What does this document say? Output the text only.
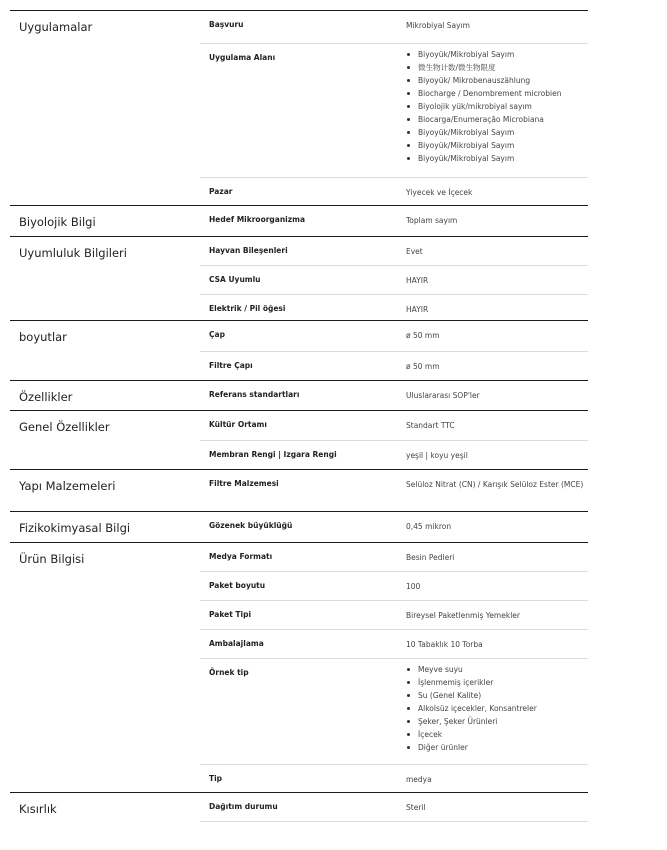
Uygulamalar	Başvuru	Mikrobiyal Sayım
Uygulama Alanı	Biyoyük/Mikrobiyal Sayım
微生物计数/微生物限度
Biyoyük/ Mikrobenauszählung
Biocharge / Denombrement microbien
Biyolojik yük/mikrobiyal sayım
Biocarga/Enumeração Microbiana
Biyoyük/Mikrobiyal Sayım
Biyoyük/Mikrobiyal Sayım
Biyoyük/Mikrobiyal Sayım
Pazar	Yiyecek ve İçecek
Biyolojik Bilgi	Hedef Mikroorganizma	Toplam sayım
Uyumluluk Bilgileri	Hayvan Bileşenleri	Evet
CSA Uyumlu	HAYIR
Elektrik / Pil öğesi	HAYIR
boyutlar	Çap	ø 50 mm
Filtre Çapı	ø 50 mm
Özellikler	Referans standartları	Uluslararası SOP'ler
Genel Özellikler	Kültür Ortamı	Standart TTC
Membran Rengi | Izgara Rengi	yeşil | koyu yeşil
Yapı Malzemeleri	Filtre Malzemesi	Selüloz Nitrat (CN) / Karışık Selüloz Ester (MCE)
Fizikokimyasal Bilgi	Gözenek büyüklüğü	0,45 mikron
Ürün Bilgisi	Medya Formatı	Besin Pedleri
Paket boyutu	100
Paket Tipi	Bireysel Paketlenmiş Yemekler
Ambalajlama	10 Tabaklık 10 Torba
Örnek tip	Meyve suyu
İşlenmemiş içerikler
Su (Genel Kalite)
Alkolsüz içecekler, Konsantreler
Şeker, Şeker Ürünleri
İçecek
Diğer ürünler
Tip	medya
Kısırlık	Dağıtım durumu	Steril
